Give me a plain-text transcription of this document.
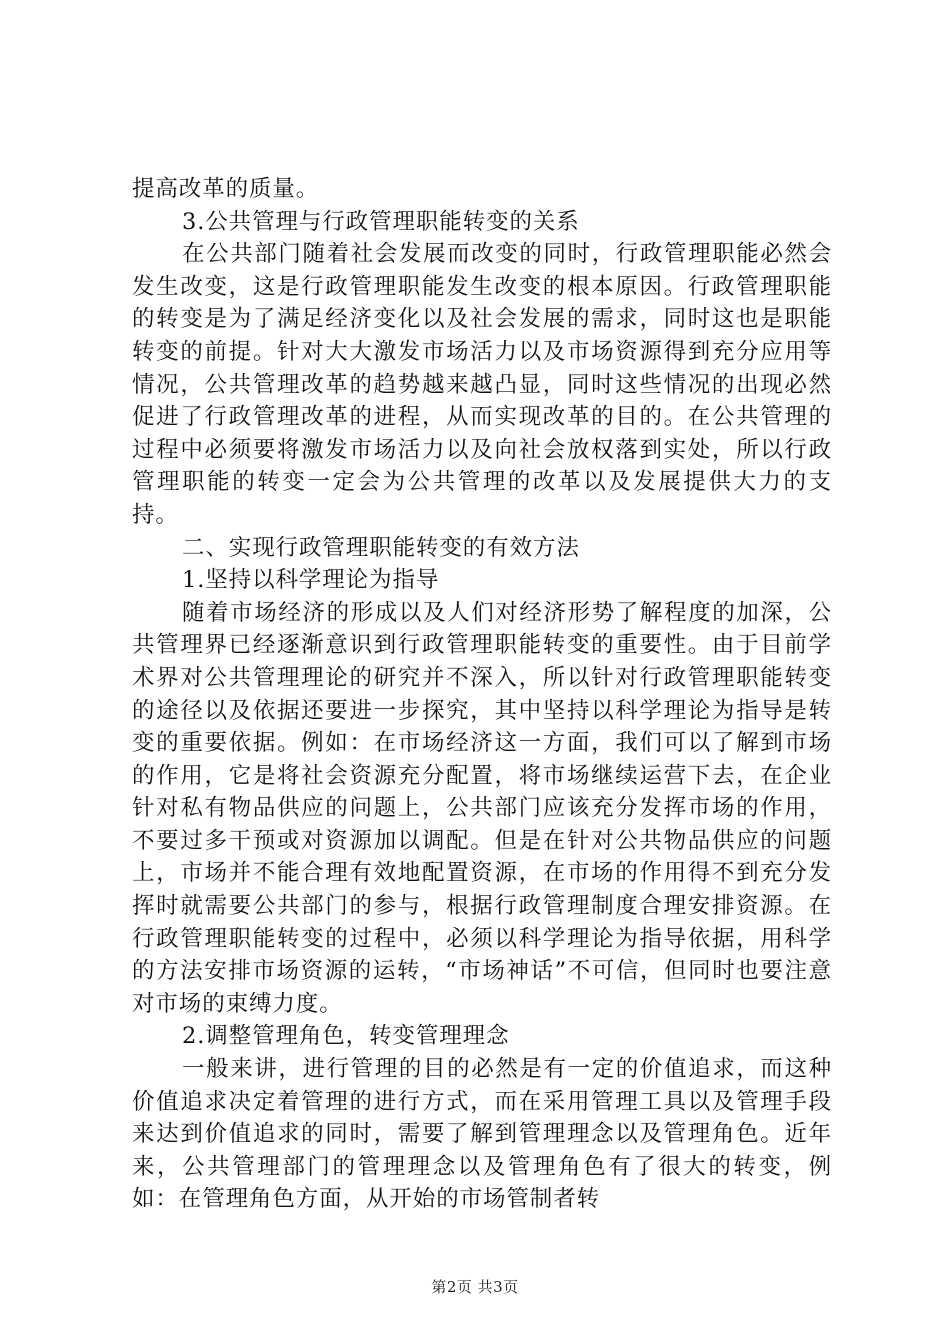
提高改革的质量。

3.公共管理与行政管理职能转变的关系

在公共部门随着社会发展而改变的同时，行政管理职能必然会发生改变，这是行政管理职能发生改变的根本原因。行政管理职能的转变是为了满足经济变化以及社会发展的需求，同时这也是职能转变的前提。针对大大激发市场活力以及市场资源得到充分应用等情况，公共管理改革的趋势越来越凸显，同时这些情况的出现必然促进了行政管理改革的进程，从而实现改革的目的。在公共管理的过程中必须要将激发市场活力以及向社会放权落到实处，所以行政管理职能的转变一定会为公共管理的改革以及发展提供大力的支持。

二、实现行政管理职能转变的有效方法

1.坚持以科学理论为指导

随着市场经济的形成以及人们对经济形势了解程度的加深，公共管理界已经逐渐意识到行政管理职能转变的重要性。由于目前学术界对公共管理理论的研究并不深入，所以针对行政管理职能转变的途径以及依据还要进一步探究，其中坚持以科学理论为指导是转变的重要依据。例如：在市场经济这一方面，我们可以了解到市场的作用，它是将社会资源充分配置，将市场继续运营下去，在企业针对私有物品供应的问题上，公共部门应该充分发挥市场的作用，不要过多干预或对资源加以调配。但是在针对公共物品供应的问题上，市场并不能合理有效地配置资源，在市场的作用得不到充分发挥时就需要公共部门的参与，根据行政管理制度合理安排资源。在行政管理职能转变的过程中，必须以科学理论为指导依据，用科学的方法安排市场资源的运转，“市场神话”不可信，但同时也要注意对市场的束缚力度。

2.调整管理角色，转变管理理念

一般来讲，进行管理的目的必然是有一定的价值追求，而这种价值追求决定着管理的进行方式，而在采用管理工具以及管理手段来达到价值追求的同时，需要了解到管理理念以及管理角色。近年来，公共管理部门的管理理念以及管理角色有了很大的转变，例如：在管理角色方面，从开始的市场管制者转

第2页 共3页
